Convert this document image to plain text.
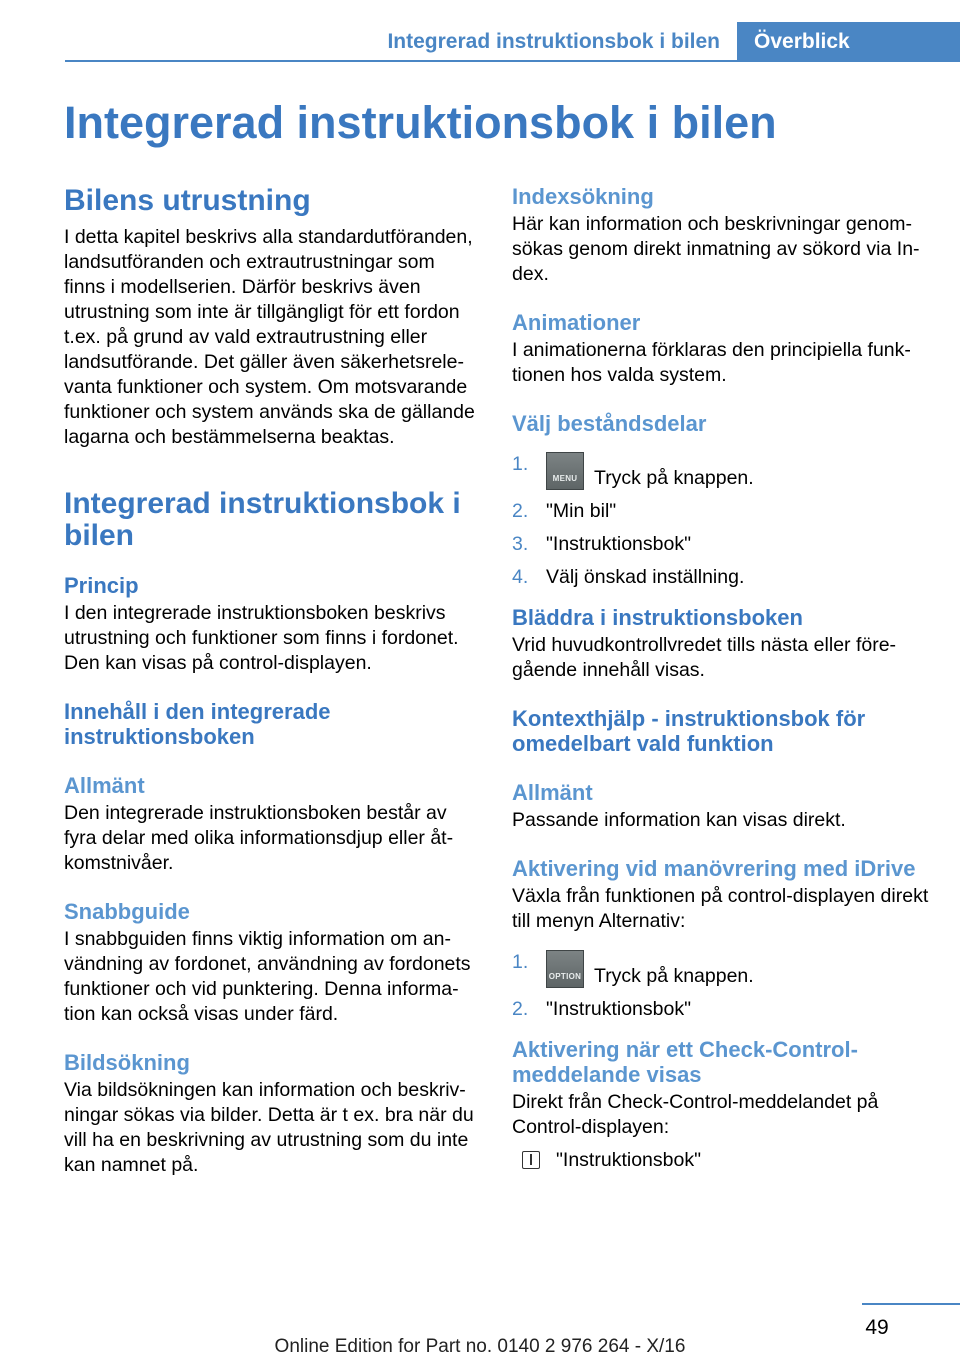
Integrerad instruktionsbok i bilen	Överblick
Integrerad instruktionsbok i bilen
Bilens utrustning

I detta kapitel beskrivs alla standardutföranden, landsutföranden och extrautrustningar som finns i modellserien. Därför beskrivs även utrustning som inte är tillgängligt för ett fordon t.ex. på grund av vald extrautrustning eller landsutförande. Det gäller även säkerhetsrelevanta funktioner och system. Om motsvarande funktioner och system används ska de gällande lagarna och bestämmelserna beaktas.

Integrerad instruktionsbok i bilen
Princip

I den integrerade instruktionsboken beskrivs utrustning och funktioner som finns i fordonet. Den kan visas på control-displayen.

Innehåll i den integrerade instruktionsboken
Allmänt

Den integrerade instruktionsboken består av fyra delar med olika informationsdjup eller åtkomstnivåer.

Snabbguide

I snabbguiden finns viktig information om användning av fordonet, användning av fordonets funktioner och vid punktering. Denna information kan också visas under färd.

Bildsökning

Via bildsökningen kan information och beskrivningar sökas via bilder. Detta är t ex. bra när du vill ha en beskrivning av utrustning som du inte kan namnet på.

Indexsökning

Här kan information och beskrivningar genomsökas genom direkt inmatning av sökord via Index.

Animationer

I animationerna förklaras den principiella funktionen hos valda system.

Välj beståndsdelar
1.
MENU Tryck på knappen.
2. "Min bil"
3. "Instruktionsbok"
4. Välj önskad inställning.
Bläddra i instruktionsboken

Vrid huvudkontrollvredet tills nästa eller föregående innehåll visas.

Kontexthjälp - instruktionsbok för omedelbart vald funktion
Allmänt

Passande information kan visas direkt.

Aktivering vid manövrering med iDrive

Växla från funktionen på control-displayen direkt till menyn Alternativ:

1.
OPTION Tryck på knappen.
2. "Instruktionsbok"
Aktivering när ett Check-Control-meddelande visas

Direkt från Check-Control-meddelandet på Control-displayen:

"Instruktionsbok"

49
Online Edition for Part no. 0140 2 976 264 - X/16
